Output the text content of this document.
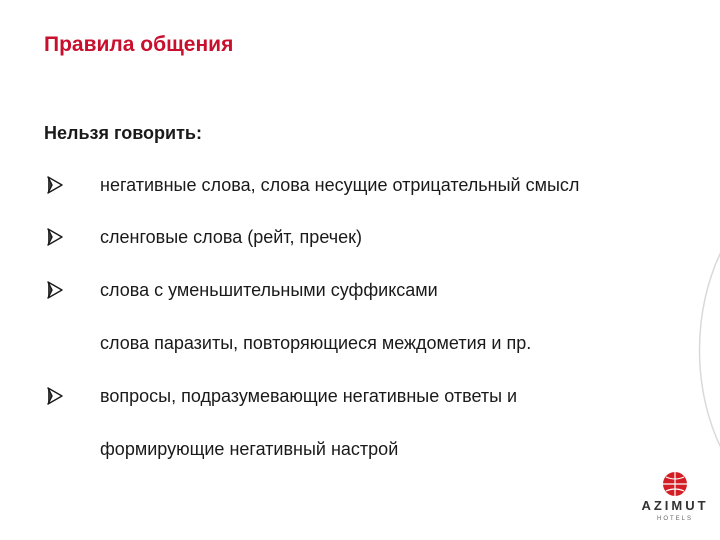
Правила общения
Нельзя говорить:
негативные слова, слова несущие отрицательный смысл
сленговые слова (рейт, пречек)
слова с уменьшительными суффиксами
слова паразиты, повторяющиеся междометия и пр.
вопросы, подразумевающие негативные ответы и
формирующие негативный настрой
AZIMUT
HOTELS
